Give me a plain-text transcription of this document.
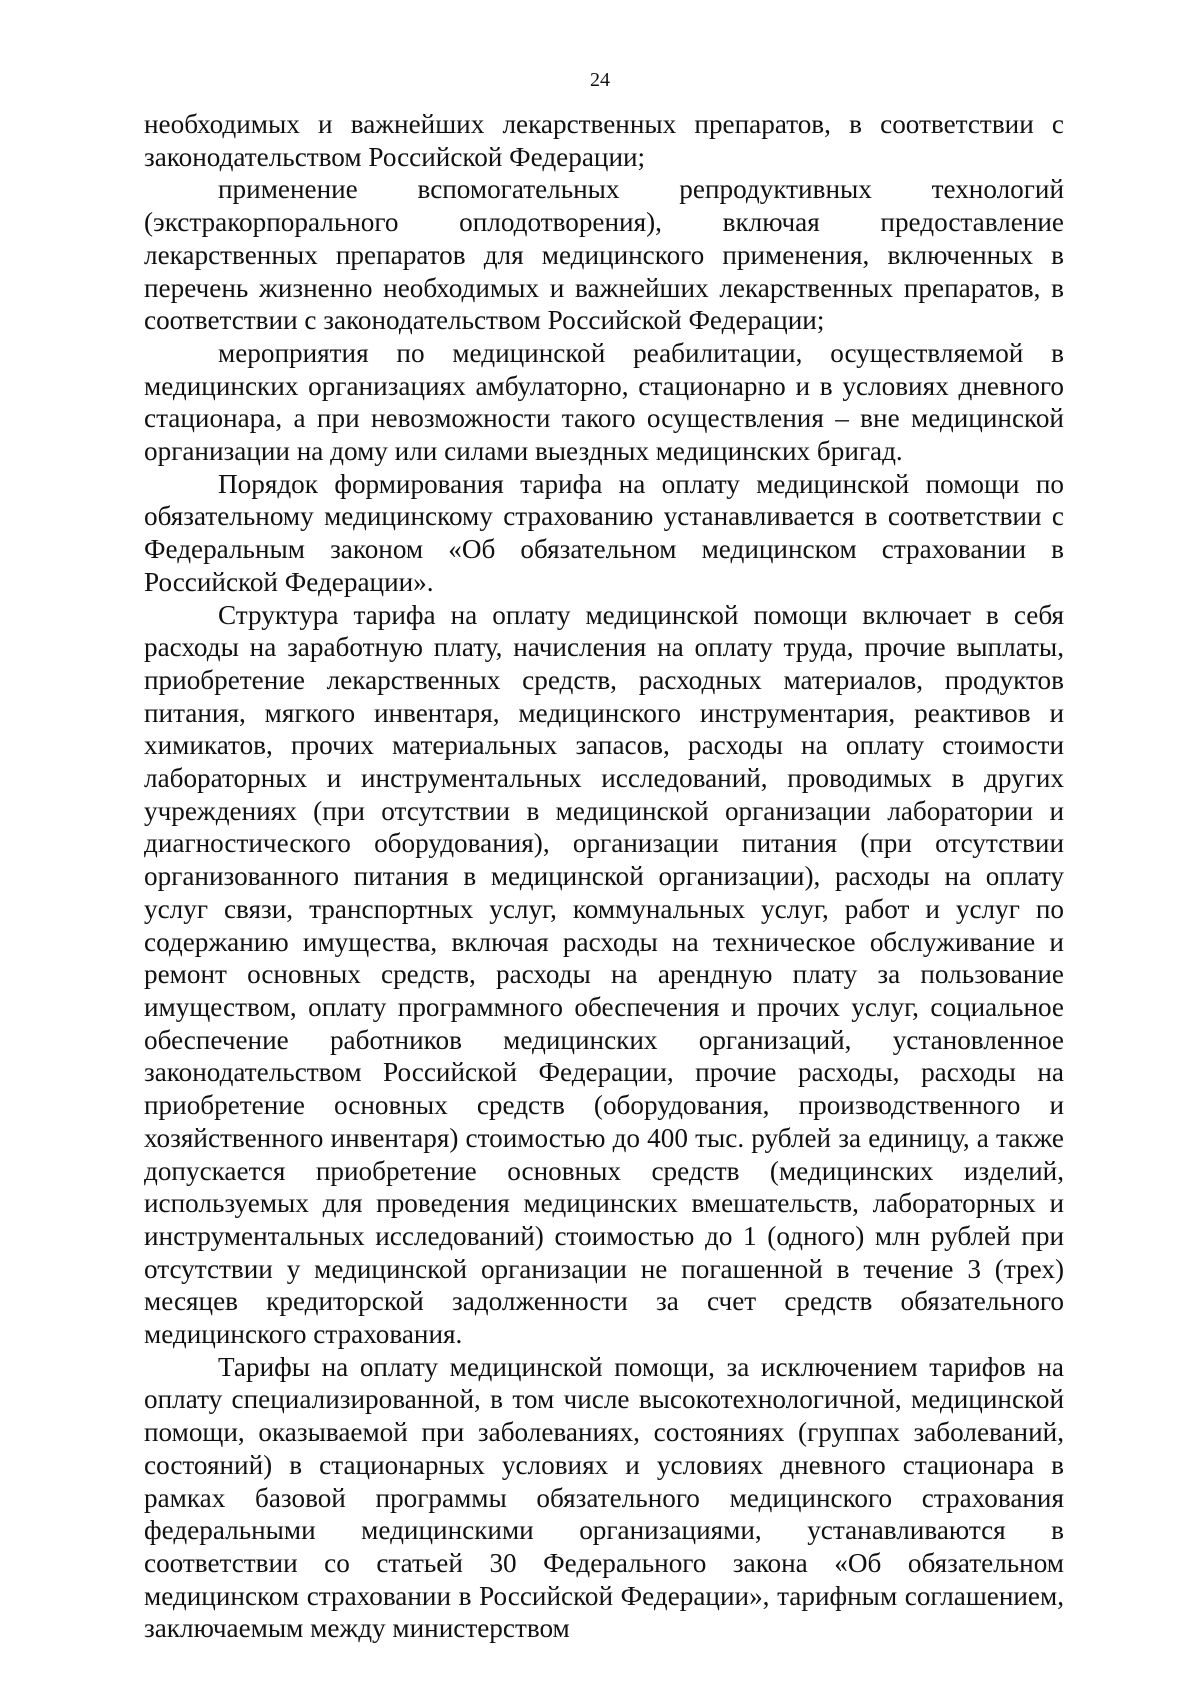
24

необходимых и важнейших лекарственных препаратов, в соответствии с законодательством Российской Федерации;

применение вспомогательных репродуктивных технологий (экстракорпорального оплодотворения), включая предоставление лекарственных препаратов для медицинского применения, включенных в перечень жизненно необходимых и важнейших лекарственных препаратов, в соответствии с законодательством Российской Федерации;

мероприятия по медицинской реабилитации, осуществляемой в медицинских организациях амбулаторно, стационарно и в условиях дневного стационара, а при невозможности такого осуществления – вне медицинской организации на дому или силами выездных медицинских бригад.

Порядок формирования тарифа на оплату медицинской помощи по обязательному медицинскому страхованию устанавливается в соответствии с Федеральным законом «Об обязательном медицинском страховании в Российской Федерации».

Структура тарифа на оплату медицинской помощи включает в себя расходы на заработную плату, начисления на оплату труда, прочие выплаты, приобретение лекарственных средств, расходных материалов, продуктов питания, мягкого инвентаря, медицинского инструментария, реактивов и химикатов, прочих материальных запасов, расходы на оплату стоимости лабораторных и инструментальных исследований, проводимых в других учреждениях (при отсутствии в медицинской организации лаборатории и диагностического оборудования), организации питания (при отсутствии организованного питания в медицинской организации), расходы на оплату услуг связи, транспортных услуг, коммунальных услуг, работ и услуг по содержанию имущества, включая расходы на техническое обслуживание и ремонт основных средств, расходы на арендную плату за пользование имуществом, оплату программного обеспечения и прочих услуг, социальное обеспечение работников медицинских организаций, установленное законодательством Российской Федерации, прочие расходы, расходы на приобретение основных средств (оборудования, производственного и хозяйственного инвентаря) стоимостью до 400 тыс. рублей за единицу, а также допускается приобретение основных средств (медицинских изделий, используемых для проведения медицинских вмешательств, лабораторных и инструментальных исследований) стоимостью до 1 (одного) млн рублей при отсутствии у медицинской организации не погашенной в течение 3 (трех) месяцев кредиторской задолженности за счет средств обязательного медицинского страхования.

Тарифы на оплату медицинской помощи, за исключением тарифов на оплату специализированной, в том числе высокотехнологичной, медицинской помощи, оказываемой при заболеваниях, состояниях (группах заболеваний, состояний) в стационарных условиях и условиях дневного стационара в рамках базовой программы обязательного медицинского страхования федеральными медицинскими организациями, устанавливаются в соответствии со статьей 30 Федерального закона «Об обязательном медицинском страховании в Российской Федерации», тарифным соглашением, заключаемым между министерством
